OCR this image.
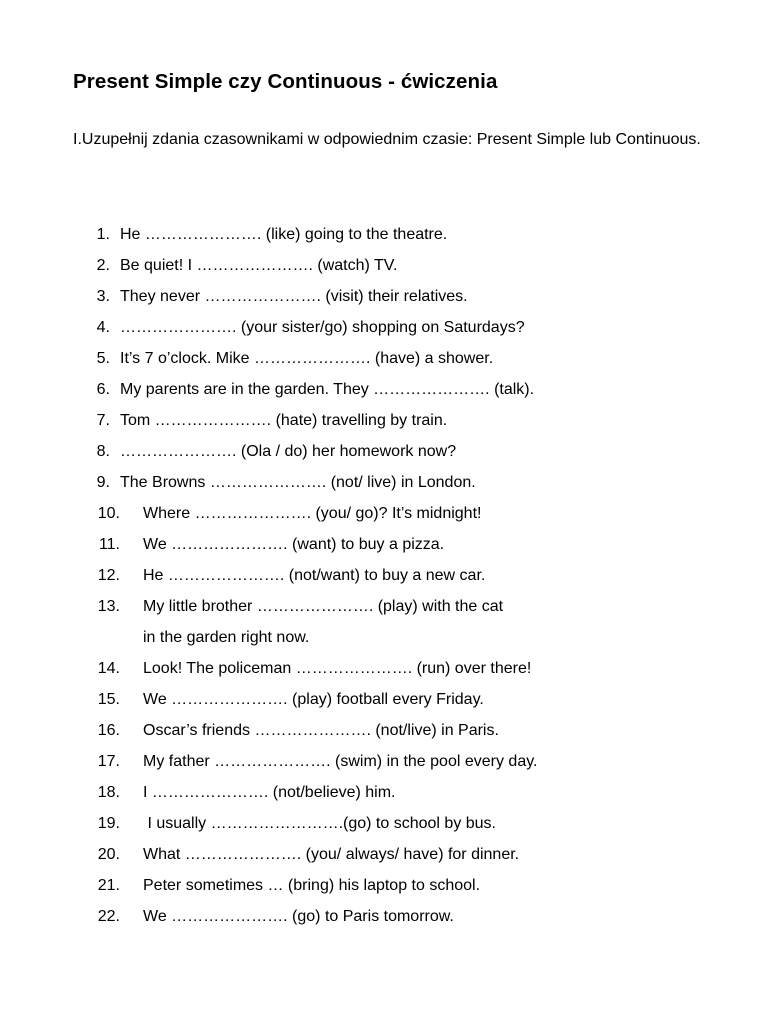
Present Simple czy Continuous - ćwiczenia
I.Uzupełnij zdania czasownikami w odpowiednim czasie: Present Simple lub Continuous.
1. He …………………. (like) going to the theatre.
2. Be quiet! I …………………. (watch) TV.
3. They never …………………. (visit) their relatives.
4. …………………. (your sister/go) shopping on Saturdays?
5. It’s 7 o’clock. Mike …………………. (have) a shower.
6. My parents are in the garden. They …………………. (talk).
7. Tom …………………. (hate) travelling by train.
8. …………………. (Ola / do) her homework now?
9. The Browns …………………. (not/ live) in London.
10. Where …………………. (you/ go)? It’s midnight!
11. We …………………. (want) to buy a pizza.
12. He …………………. (not/want) to buy a new car.
13. My little brother …………………. (play) with the cat
in the garden right now.
14. Look! The policeman …………………. (run) over there!
15. We …………………. (play) football every Friday.
16. Oscar’s friends …………………. (not/live) in Paris.
17. My father …………………. (swim) in the pool every day.
18. I …………………. (not/believe) him.
19. I usually …………………….(go) to school by bus.
20. What …………………. (you/ always/ have) for dinner.
21. Peter sometimes … (bring) his laptop to school.
22. We …………………. (go) to Paris tomorrow.
